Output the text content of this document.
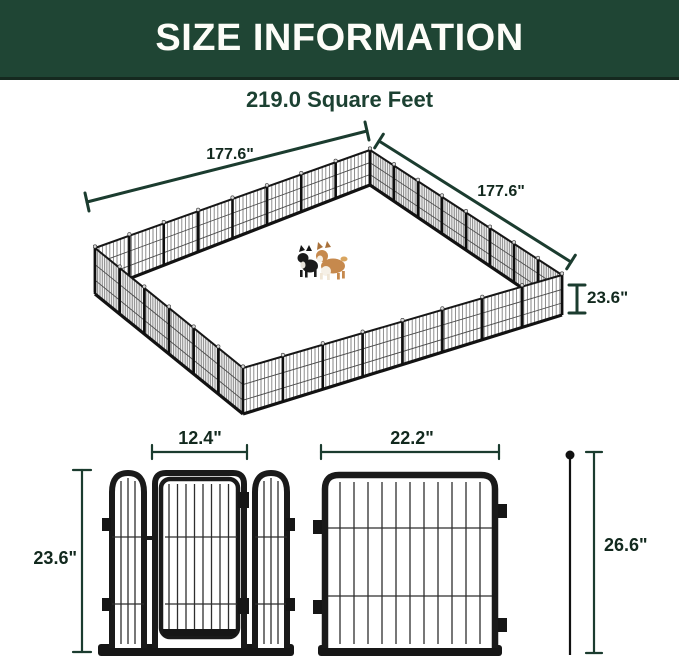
SIZE INFORMATION
219.0 Square Feet
177.6"
177.6"
23.6"
23.6"
12.4"	22.2"
26.6"
